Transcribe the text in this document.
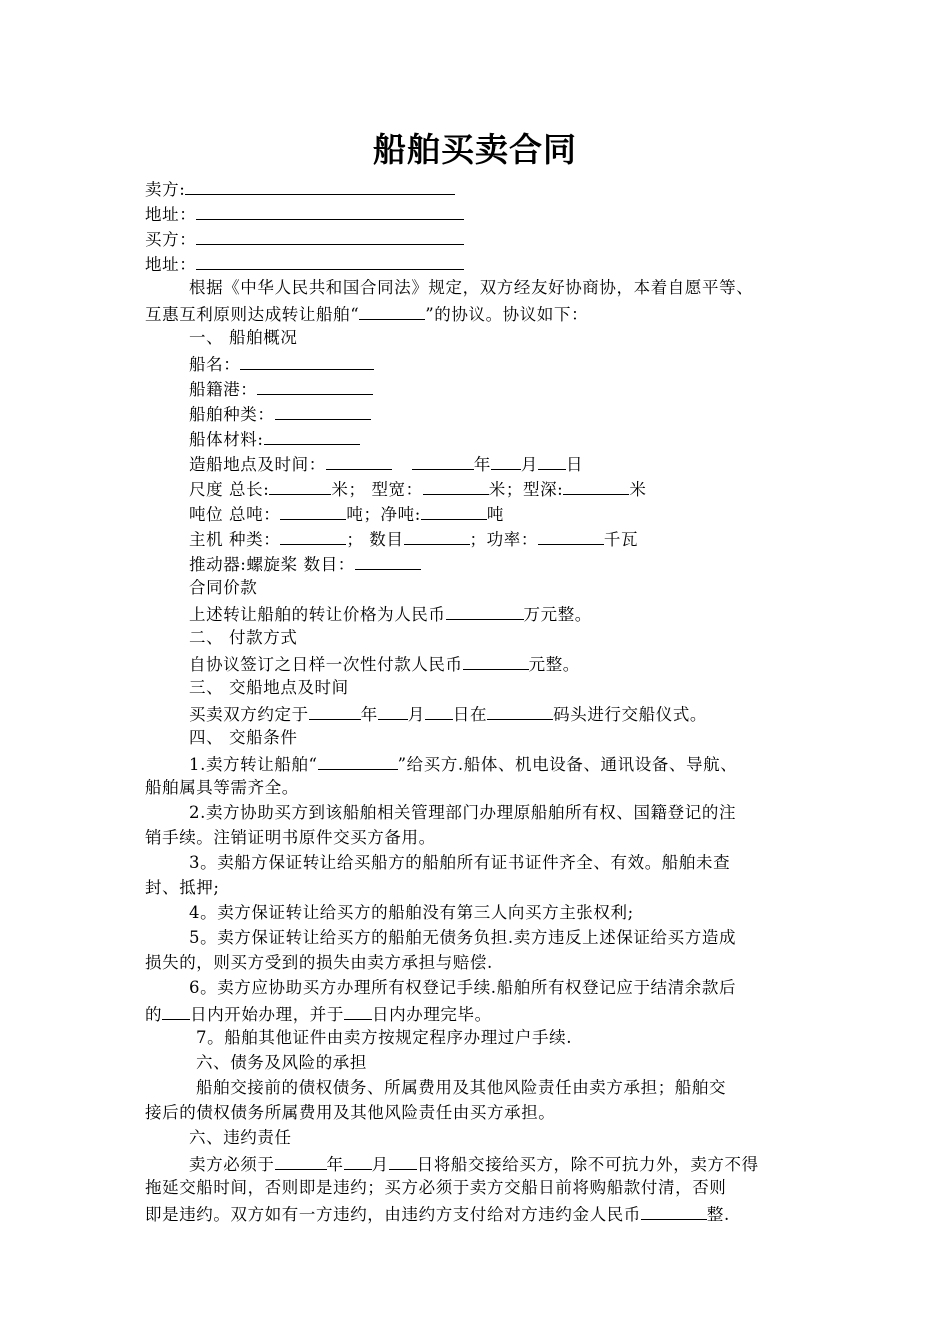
船舶买卖合同
卖方:
地址：
买方：
地址：
根据《中华人民共和国合同法》规定，双方经友好协商协，本着自愿平等、
互惠互利原则达成转让船舶“	”的协议。协议如下：
一、 船舶概况
船名：
船籍港：
船舶种类：
船体材料:
造船地点及时间：	年 月 日
尺度 总长:	米； 型宽：	米；型深:	米
吨位 总吨：	吨；净吨:	吨
主机 种类：	； 数目	；功率：	千瓦
推动器:螺旋桨 数目：
合同价款
上述转让船舶的转让价格为人民币	万元整。
二、 付款方式
自协议签订之日样一次性付款人民币	元整。
三、 交船地点及时间
买卖双方约定于	年 月 日在	码头进行交船仪式。
四、 交船条件
1.卖方转让船舶“	”给买方.船体、机电设备、通讯设备、导航、
船舶属具等需齐全。
2.卖方协助买方到该船舶相关管理部门办理原船舶所有权、国籍登记的注
销手续。注销证明书原件交买方备用。
3。卖船方保证转让给买船方的船舶所有证书证件齐全、有效。船舶未查
封、抵押;
4。卖方保证转让给买方的船舶没有第三人向买方主张权利;
5。卖方保证转让给买方的船舶无债务负担.卖方违反上述保证给买方造成
损失的，则买方受到的损失由卖方承担与赔偿.
6。卖方应协助买方办理所有权登记手续.船舶所有权登记应于结清余款后
的 日内开始办理，并于 日内办理完毕。
7。船舶其他证件由卖方按规定程序办理过户手续.
六、债务及风险的承担
船舶交接前的债权债务、所属费用及其他风险责任由卖方承担；船舶交
接后的债权债务所属费用及其他风险责任由买方承担。
六、违约责任
卖方必须于	年 月 日将船交接给买方，除不可抗力外，卖方不得
拖延交船时间，否则即是违约；买方必须于卖方交船日前将购船款付清，否则
即是违约。双方如有一方违约，由违约方支付给对方违约金人民币	整.
